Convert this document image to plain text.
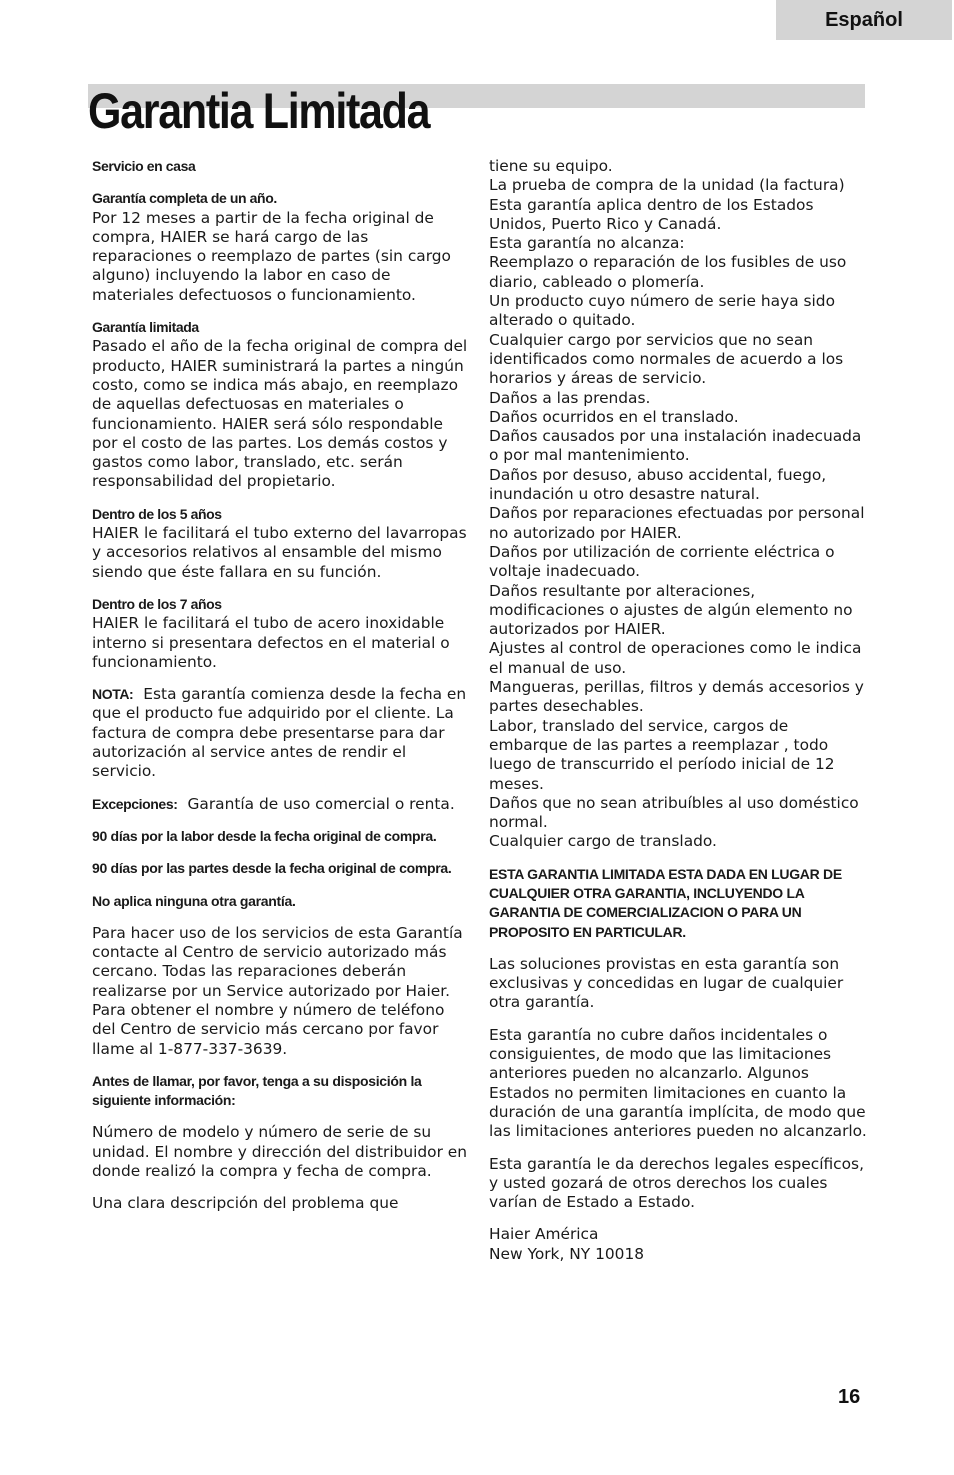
Español
Garantia Limitada

Servicio en casa

Garantía completa de un año.
Por 12 meses a partir de la fecha original de compra, HAIER se hará cargo de las reparaciones o reemplazo de partes (sin cargo alguno) incluyendo la labor en caso de materiales defectuosos o funcionamiento.

Garantía limitada
Pasado el año de la fecha original de compra del producto, HAIER suministrará la partes a ningún costo, como se indica más abajo, en reemplazo de aquellas defectuosas en materiales o funcionamiento. HAIER será sólo respondable por el costo de las partes. Los demás costos y gastos como labor, translado, etc. serán responsabilidad del propietario.

Dentro de los 5 años
HAIER le facilitará el tubo externo del lavarropas y accesorios relativos al ensamble del mismo siendo que éste fallara en su función.

Dentro de los 7 años
HAIER le facilitará el tubo de acero inoxidable interno si presentara defectos en el material o funcionamiento.

NOTA: Esta garantía comienza desde la fecha en que el producto fue adquirido por el cliente. La factura de compra debe presentarse para dar autorización al service antes de rendir el servicio.

Excepciones: Garantía de uso comercial o renta.

90 días por la labor desde la fecha original de compra.

90 días por las partes desde la fecha original de compra.

No aplica ninguna otra garantía.

Para hacer uso de los servicios de esta Garantía contacte al Centro de servicio autorizado más cercano. Todas las reparaciones deberán realizarse por un Service autorizado por Haier. Para obtener el nombre y número de teléfono del Centro de servicio más cercano por favor llame al 1-877-337-3639.

Antes de llamar, por favor, tenga a su disposición la siguiente información:

Número de modelo y número de serie de su unidad. El nombre y dirección del distribuidor en donde realizó la compra y fecha de compra.

Una clara descripción del problema que

tiene su equipo.
La prueba de compra de la unidad (la factura)
Esta garantía aplica dentro de los Estados Unidos, Puerto Rico y Canadá.
Esta garantía no alcanza:
Reemplazo o reparación de los fusibles de uso diario, cableado o plomería.
Un producto cuyo número de serie haya sido alterado o quitado.
Cualquier cargo por servicios que no sean identificados como normales de acuerdo a los horarios y áreas de servicio.
Daños a las prendas.
Daños ocurridos en el translado.
Daños causados por una instalación inadecuada o por mal mantenimiento.
Daños por desuso, abuso accidental, fuego, inundación u otro desastre natural.
Daños por reparaciones efectuadas por personal no autorizado por HAIER.
Daños por utilización de corriente eléctrica o voltaje inadecuado.
Daños resultante por alteraciones, modificaciones o ajustes de algún elemento no autorizados por HAIER.
Ajustes al control de operaciones como le indica el manual de uso.
Mangueras, perillas, filtros y demás accesorios y partes desechables.
Labor, translado del service, cargos de embarque de las partes a reemplazar , todo luego de transcurrido el período inicial de 12 meses.
Daños que no sean atribuíbles al uso doméstico normal.
Cualquier cargo de translado.

ESTA GARANTIA LIMITADA ESTA DADA EN LUGAR DE CUALQUIER OTRA GARANTIA, INCLUYENDO LA GARANTIA DE COMERCIALIZACION O PARA UN PROPOSITO EN PARTICULAR.

Las soluciones provistas en esta garantía son exclusivas y concedidas en lugar de cualquier otra garantía.

Esta garantía no cubre daños incidentales o consiguientes, de modo que las limitaciones anteriores pueden no alcanzarlo. Algunos Estados no permiten limitaciones en cuanto la duración de una garantía implícita, de modo que las limitaciones anteriores pueden no alcanzarlo.

Esta garantía le da derechos legales específicos, y usted gozará de otros derechos los cuales varían de Estado a Estado.

Haier América
New York, NY 10018

16
